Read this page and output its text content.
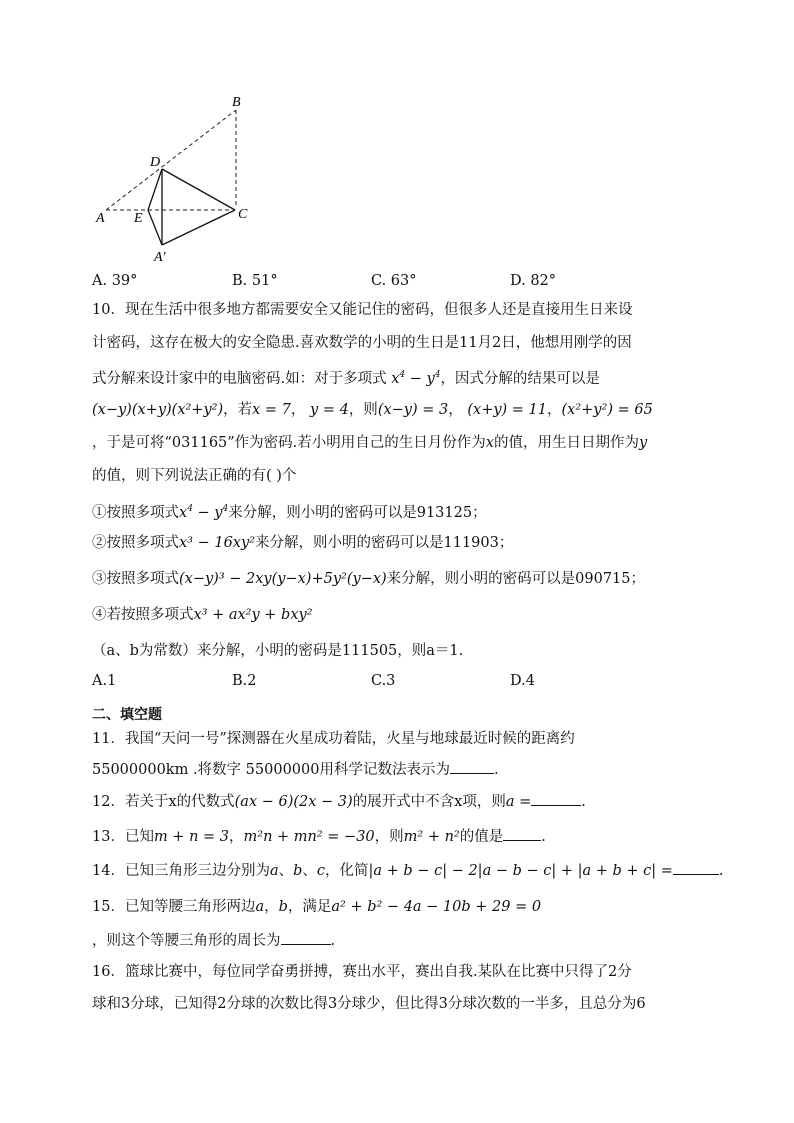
B
D
A E	C
A′
A. 39°	B. 51°	C. 63°	D. 82°
10．现在生活中很多地方都需要安全又能记住的密码，但很多人还是直接用生日来设
计密码，这存在极大的安全隐患.喜欢数学的小明的生日是11月2日，他想用刚学的因
式分解来设计家中的电脑密码.如：对于多项式 $x^4 - y^4$，因式分解的结果可以是
(x−y)(x+y)(x²+y²)，若x = 7， y = 4，则(x−y) = 3， (x+y) = 11，(x²+y²) = 65
，于是可将“031165”作为密码.若小明用自己的生日月份作为x的值，用生日日期作为y
的值，则下列说法正确的有( )个
①按照多项式$x^4 - y^4$来分解，则小明的密码可以是913125；
②按照多项式x³ − 16xy²来分解，则小明的密码可以是111903；
③按照多项式(x−y)³ − 2xy(y−x)+5y²(y−x)来分解，则小明的密码可以是090715；
④若按照多项式x³ + ax²y + bxy²
（a、b为常数）来分解，小明的密码是111505，则a＝1.
A.1	B.2	C.3	D.4
二、填空题
11．我国“天问一号”探测器在火星成功着陆，火星与地球最近时候的距离约
55000000km .将数字 55000000用科学记数法表示为	.
12．若关于x的代数式(ax − 6)(2x − 3)的展开式中不含x项，则a =	.
13．已知m + n = 3，m²n + mn² = −30，则m² + n²的值是	.
14．已知三角形三边分别为a、b、c，化简|a + b − c| − 2|a − b − c| + |a + b + c| =	.
15．已知等腰三角形两边a，b，满足a² + b² − 4a − 10b + 29 = 0
，则这个等腰三角形的周长为	.
16．篮球比赛中，每位同学奋勇拼搏，赛出水平，赛出自我.某队在比赛中只得了2分
球和3分球，已知得2分球的次数比得3分球少，但比得3分球次数的一半多，且总分为6
